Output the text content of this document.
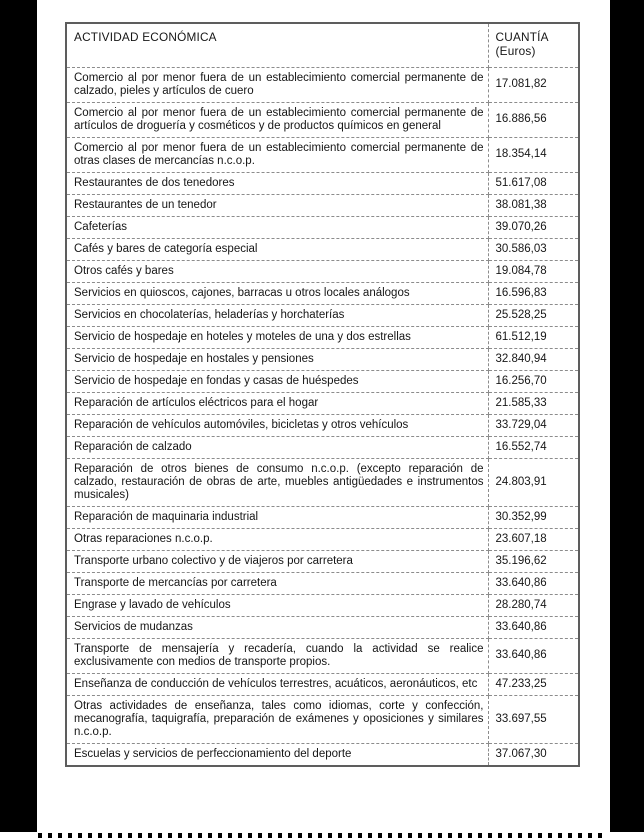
ACTIVIDAD ECONÓMICA	CUANTÍA
(Euros)

Comercio al por menor fuera de un establecimiento comercial permanente de calzado, pieles y artículos de cuero	17.081,82
Comercio al por menor fuera de un establecimiento comercial permanente de artículos de droguería y cosméticos y de productos químicos en general	16.886,56
Comercio al por menor fuera de un establecimiento comercial permanente de otras clases de mercancías n.c.o.p.	18.354,14
Restaurantes de dos tenedores	51.617,08
Restaurantes de un tenedor	38.081,38
Cafeterías	39.070,26
Cafés y bares de categoría especial	30.586,03
Otros cafés y bares	19.084,78
Servicios en quioscos, cajones, barracas u otros locales análogos	16.596,83
Servicios en chocolaterías, heladerías y horchaterías	25.528,25
Servicio de hospedaje en hoteles y moteles de una y dos estrellas	61.512,19
Servicio de hospedaje en hostales y pensiones	32.840,94
Servicio de hospedaje en fondas y casas de huéspedes	16.256,70
Reparación de artículos eléctricos para el hogar	21.585,33
Reparación de vehículos automóviles, bicicletas y otros vehículos	33.729,04
Reparación de calzado	16.552,74
Reparación de otros bienes de consumo n.c.o.p. (excepto reparación de calzado, restauración de obras de arte, muebles antigüedades e instrumentos musicales)	24.803,91
Reparación de maquinaria industrial	30.352,99
Otras reparaciones n.c.o.p.	23.607,18
Transporte urbano colectivo y de viajeros por carretera	35.196,62
Transporte de mercancías por carretera	33.640,86
Engrase y lavado de vehículos	28.280,74
Servicios de mudanzas	33.640,86
Transporte de mensajería y recadería, cuando la actividad se realice exclusivamente con medios de transporte propios.	33.640,86
Enseñanza de conducción de vehículos terrestres, acuáticos, aeronáuticos, etc	47.233,25
Otras actividades de enseñanza, tales como idiomas, corte y confección, mecanografía, taquigrafía, preparación de exámenes y oposiciones y similares n.c.o.p.	33.697,55
Escuelas y servicios de perfeccionamiento del deporte	37.067,30
